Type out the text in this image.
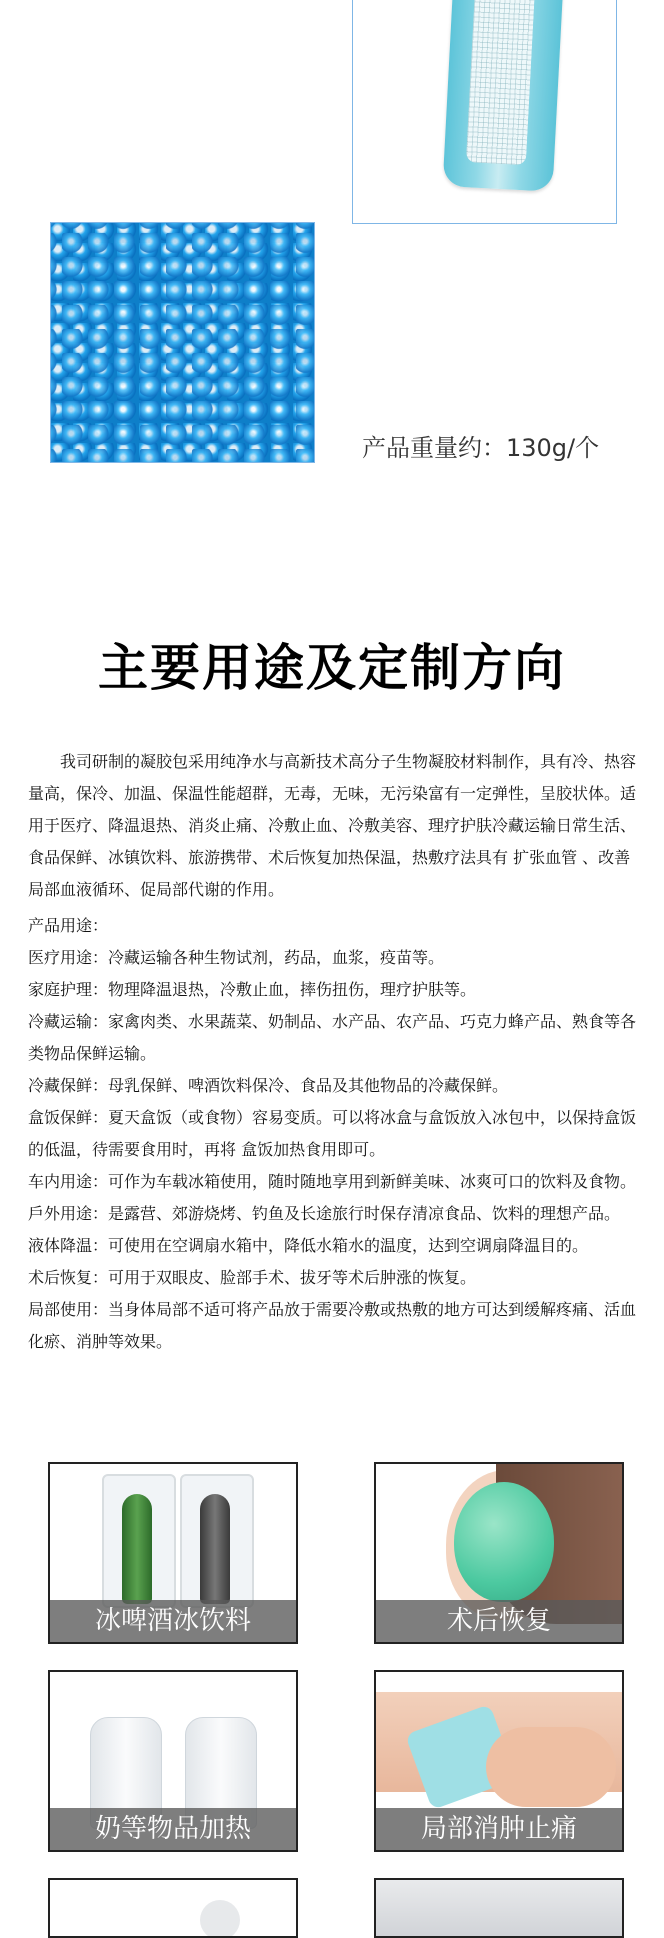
产品重量约：130g/个
主要用途及定制方向

我司研制的凝胶包采用纯净水与高新技术高分子生物凝胶材料制作，具有冷、热容量高，保冷、加温、保温性能超群，无毒，无味，无污染富有一定弹性，呈胶状体。适用于医疗、降温退热、消炎止痛、冷敷止血、冷敷美容、理疗护肤冷藏运输日常生活、食品保鲜、冰镇饮料、旅游携带、术后恢复加热保温，热敷疗法具有 扩张血管 、改善局部血液循环、促局部代谢的作用。

产品用途：
医疗用途：冷藏运输各种生物试剂，药品，血浆，疫苗等。
家庭护理：物理降温退热，冷敷止血，摔伤扭伤，理疗护肤等。
冷藏运输：家禽肉类、水果蔬菜、奶制品、水产品、农产品、巧克力蜂产品、熟食等各类物品保鲜运输。
冷藏保鲜：母乳保鲜、啤酒饮料保冷、食品及其他物品的冷藏保鲜。
盒饭保鲜：夏天盒饭（或食物）容易变质。可以将冰盒与盒饭放入冰包中，以保持盒饭的低温，待需要食用时，再将 盒饭加热食用即可。
车内用途：可作为车载冰箱使用，随时随地享用到新鲜美味、冰爽可口的饮料及食物。
戶外用途：是露营、郊游烧烤、钓鱼及长途旅行时保存清凉食品、饮料的理想产品。
液体降温：可使用在空调扇水箱中，降低水箱水的温度，达到空调扇降温目的。
术后恢复：可用于双眼皮、脸部手术、拔牙等术后肿涨的恢复。
局部使用：当身体局部不适可将产品放于需要冷敷或热敷的地方可达到缓解疼痛、活血化瘀、消肿等效果。
冰啤酒冰饮料	术后恢复
奶等物品加热	局部消肿止痛
